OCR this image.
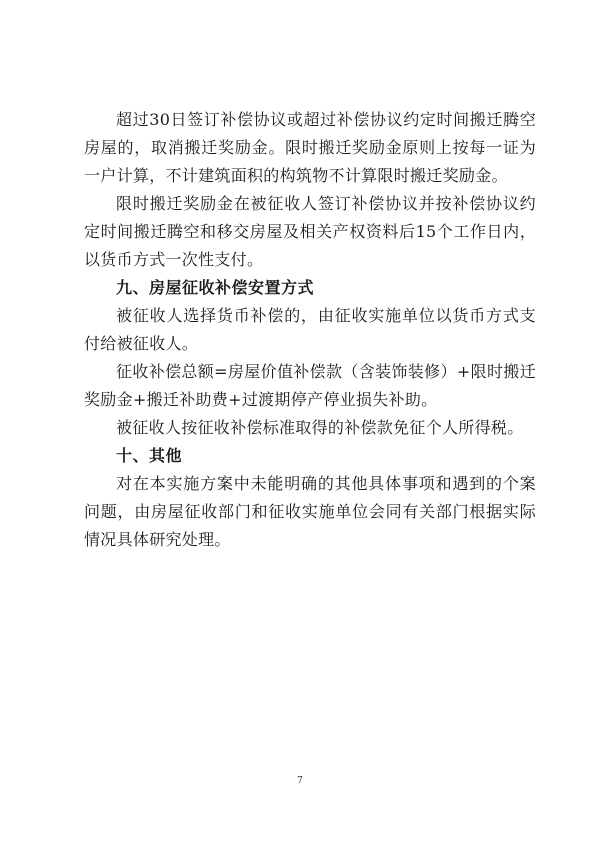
超过30日签订补偿协议或超过补偿协议约定时间搬迁腾空房屋的，取消搬迁奖励金。限时搬迁奖励金原则上按每一证为一户计算，不计建筑面积的构筑物不计算限时搬迁奖励金。

限时搬迁奖励金在被征收人签订补偿协议并按补偿协议约定时间搬迁腾空和移交房屋及相关产权资料后15个工作日内，以货币方式一次性支付。

九、房屋征收补偿安置方式

被征收人选择货币补偿的，由征收实施单位以货币方式支付给被征收人。

征收补偿总额=房屋价值补偿款（含装饰装修）+限时搬迁奖励金+搬迁补助费+过渡期停产停业损失补助。

被征收人按征收补偿标准取得的补偿款免征个人所得税。

十、其他

对在本实施方案中未能明确的其他具体事项和遇到的个案问题，由房屋征收部门和征收实施单位会同有关部门根据实际情况具体研究处理。

7
